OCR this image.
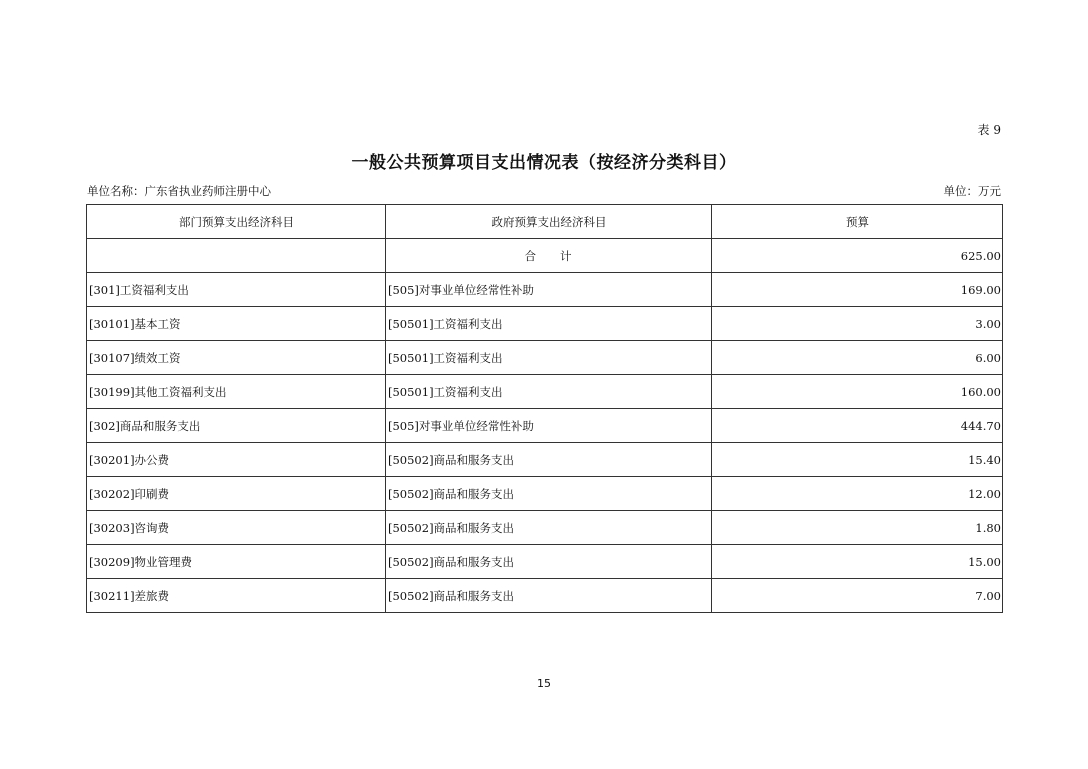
表 9
一般公共预算项目支出情况表（按经济分类科目）
单位名称：广东省执业药师注册中心	单位：万元
部门预算支出经济科目	政府预算支出经济科目	预算
	合计	625.00
[301]工资福利支出	[505]对事业单位经常性补助	169.00
[30101]基本工资	[50501]工资福利支出	3.00
[30107]绩效工资	[50501]工资福利支出	6.00
[30199]其他工资福利支出	[50501]工资福利支出	160.00
[302]商品和服务支出	[505]对事业单位经常性补助	444.70
[30201]办公费	[50502]商品和服务支出	15.40
[30202]印刷费	[50502]商品和服务支出	12.00
[30203]咨询费	[50502]商品和服务支出	1.80
[30209]物业管理费	[50502]商品和服务支出	15.00
[30211]差旅费	[50502]商品和服务支出	7.00
15
